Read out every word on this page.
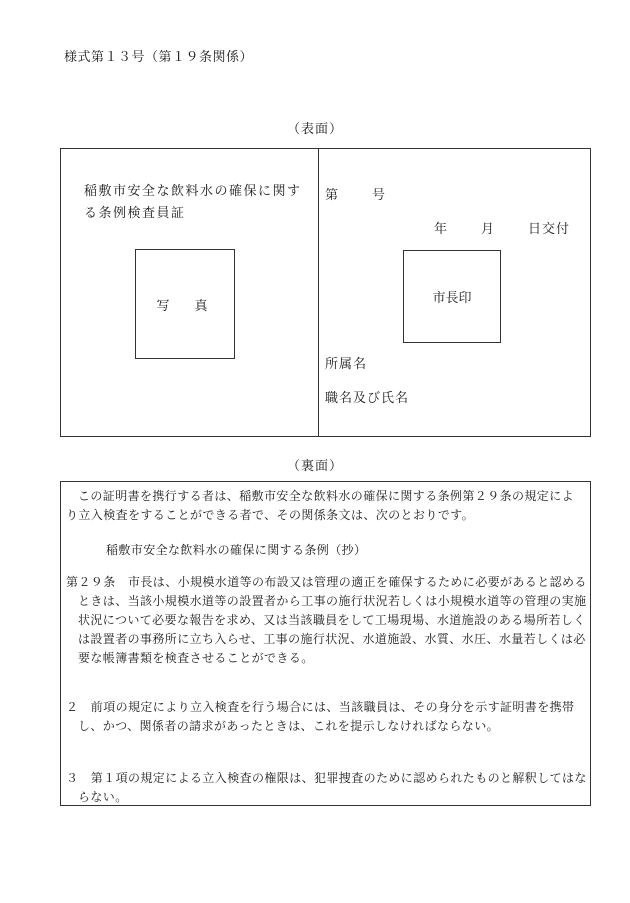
様式第１３号（第１９条関係）
（表面）
稲敷市安全な飲料水の確保に関する条例検査員証
写　真
第	号
年	月	日交付
市長印
所属名
職名及び氏名
（裏面）
この証明書を携行する者は、稲敷市安全な飲料水の確保に関する条例第２９条の規定により立入検査をすることができる者で、その関係条文は、次のとおりです。
稲敷市安全な飲料水の確保に関する条例（抄）
第２９条　市長は、小規模水道等の布設又は管理の適正を確保するために必要があると認めるときは、当該小規模水道等の設置者から工事の施行状況若しくは小規模水道等の管理の実施状況について必要な報告を求め、又は当該職員をして工場現場、水道施設のある場所若しくは設置者の事務所に立ち入らせ、工事の施行状況、水道施設、水質、水圧、水量若しくは必要な帳簿書類を検査させることができる。
２　前項の規定により立入検査を行う場合には、当該職員は、その身分を示す証明書を携帯し、かつ、関係者の請求があったときは、これを提示しなければならない。
３　第１項の規定による立入検査の権限は、犯罪捜査のために認められたものと解釈してはならない。
